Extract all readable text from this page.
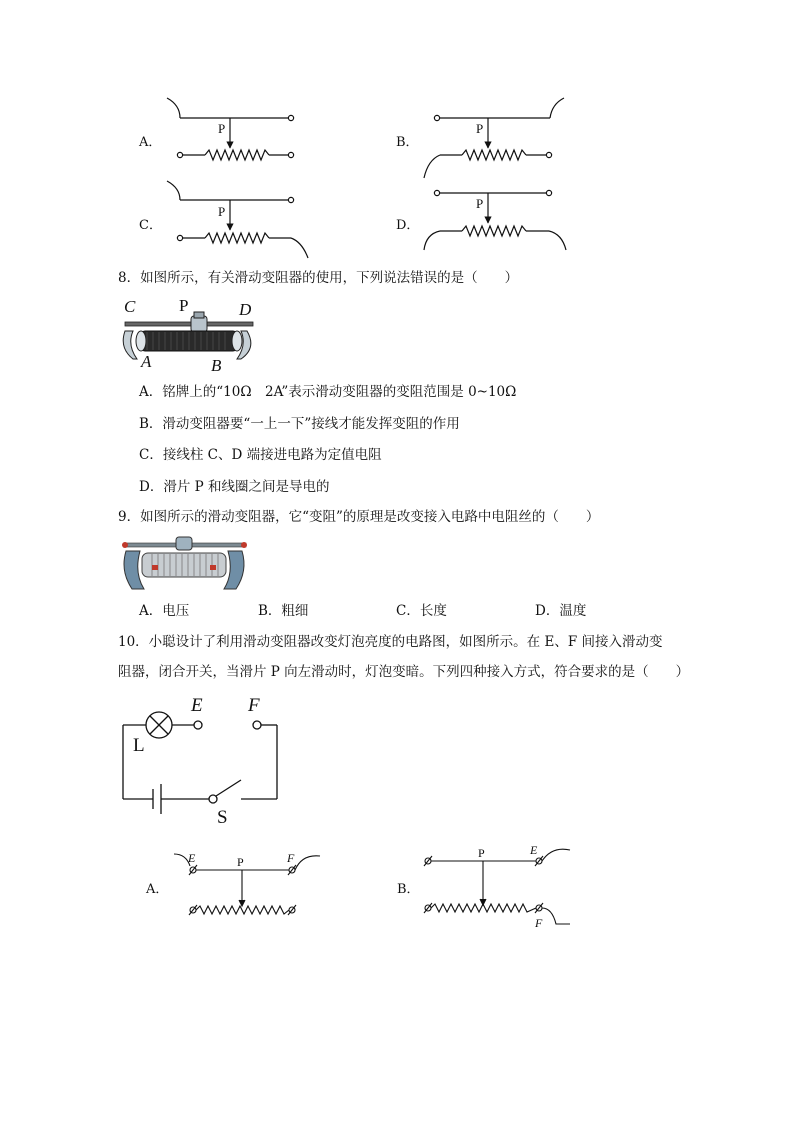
A．	B．
C．	D．
P	P
P
P
8．如图所示，有关滑动变阻器的使用，下列说法错误的是（　　）
C	P	D
A	B
A．铭牌上的“10Ω　2A”表示滑动变阻器的变阻范围是 0~10Ω
B．滑动变阻器要“一上一下”接线才能发挥变阻的作用
C．接线柱 C、D 端接进电路为定值电阻
D．滑片 P 和线圈之间是导电的
9．如图所示的滑动变阻器，它“变阻”的原理是改变接入电路中电阻丝的（　　）
A．电压	B．粗细	C．长度	D．温度
10．小聪设计了利用滑动变阻器改变灯泡亮度的电路图，如图所示。在 E、F 间接入滑动变
阻器，闭合开关，当滑片 P 向左滑动时，灯泡变暗。下列四种接入方式，符合要求的是（　　）
E F
L
S
A．	B．
E	F
P
P	E
F
